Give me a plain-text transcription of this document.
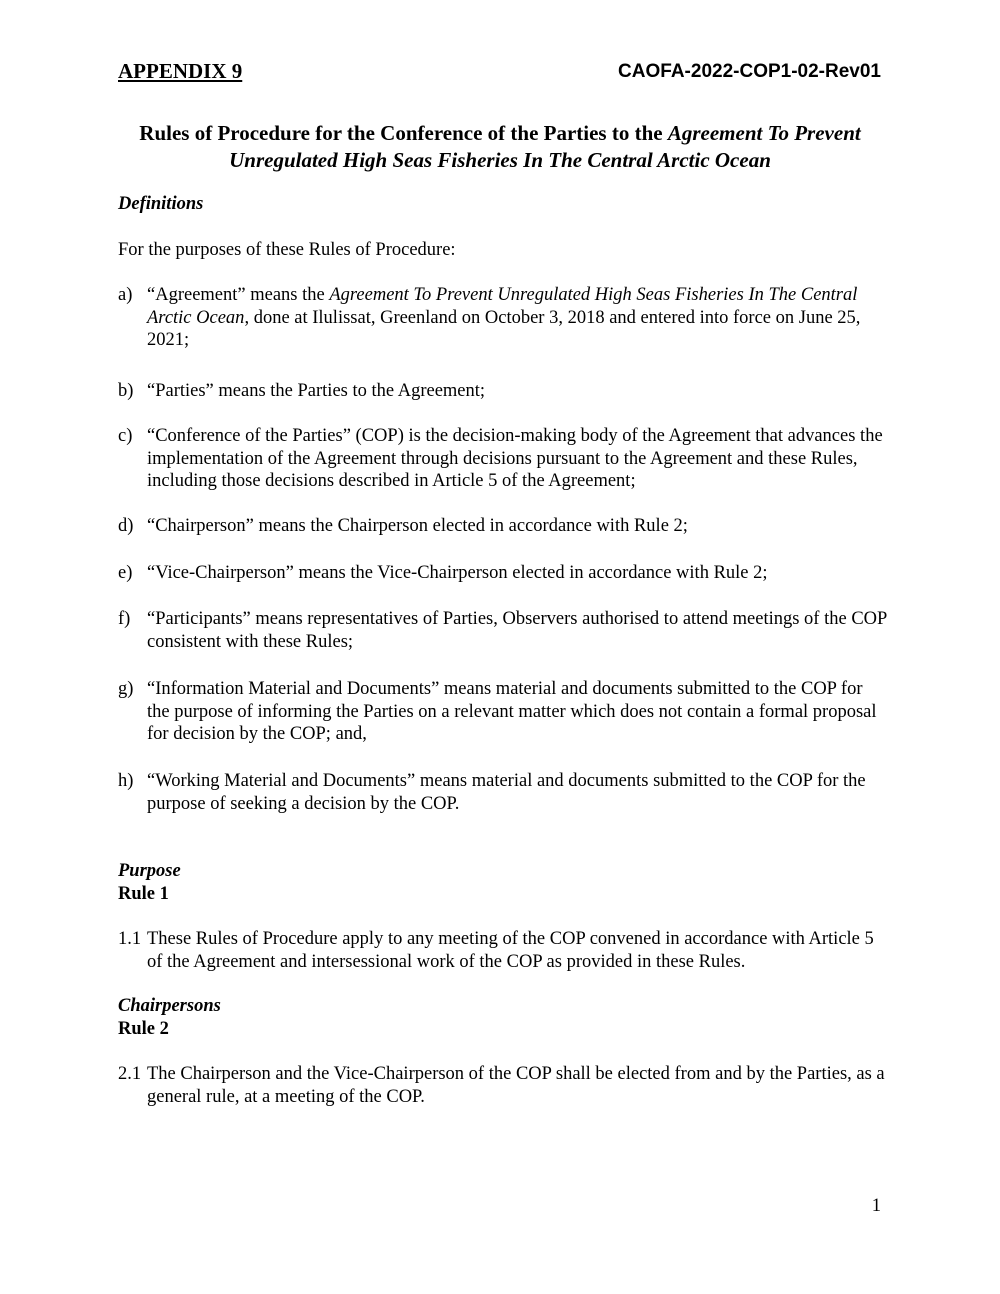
APPENDIX 9	CAOFA-2022-COP1-02-Rev01
Rules of Procedure for the Conference of the Parties to the Agreement To Prevent Unregulated High Seas Fisheries In The Central Arctic Ocean
Definitions
For the purposes of these Rules of Procedure:
a) “Agreement” means the Agreement To Prevent Unregulated High Seas Fisheries In The Central Arctic Ocean, done at Ilulissat, Greenland on October 3, 2018 and entered into force on June 25, 2021;
b) “Parties” means the Parties to the Agreement;
c) “Conference of the Parties” (COP) is the decision-making body of the Agreement that advances the implementation of the Agreement through decisions pursuant to the Agreement and these Rules, including those decisions described in Article 5 of the Agreement;
d) “Chairperson” means the Chairperson elected in accordance with Rule 2;
e) “Vice-Chairperson” means the Vice-Chairperson elected in accordance with Rule 2;
f) “Participants” means representatives of Parties, Observers authorised to attend meetings of the COP consistent with these Rules;
g) “Information Material and Documents” means material and documents submitted to the COP for the purpose of informing the Parties on a relevant matter which does not contain a formal proposal for decision by the COP; and,
h) “Working Material and Documents” means material and documents submitted to the COP for the purpose of seeking a decision by the COP.
Purpose
Rule 1
1.1 These Rules of Procedure apply to any meeting of the COP convened in accordance with Article 5 of the Agreement and intersessional work of the COP as provided in these Rules.
Chairpersons
Rule 2
2.1 The Chairperson and the Vice-Chairperson of the COP shall be elected from and by the Parties, as a general rule, at a meeting of the COP.
1
